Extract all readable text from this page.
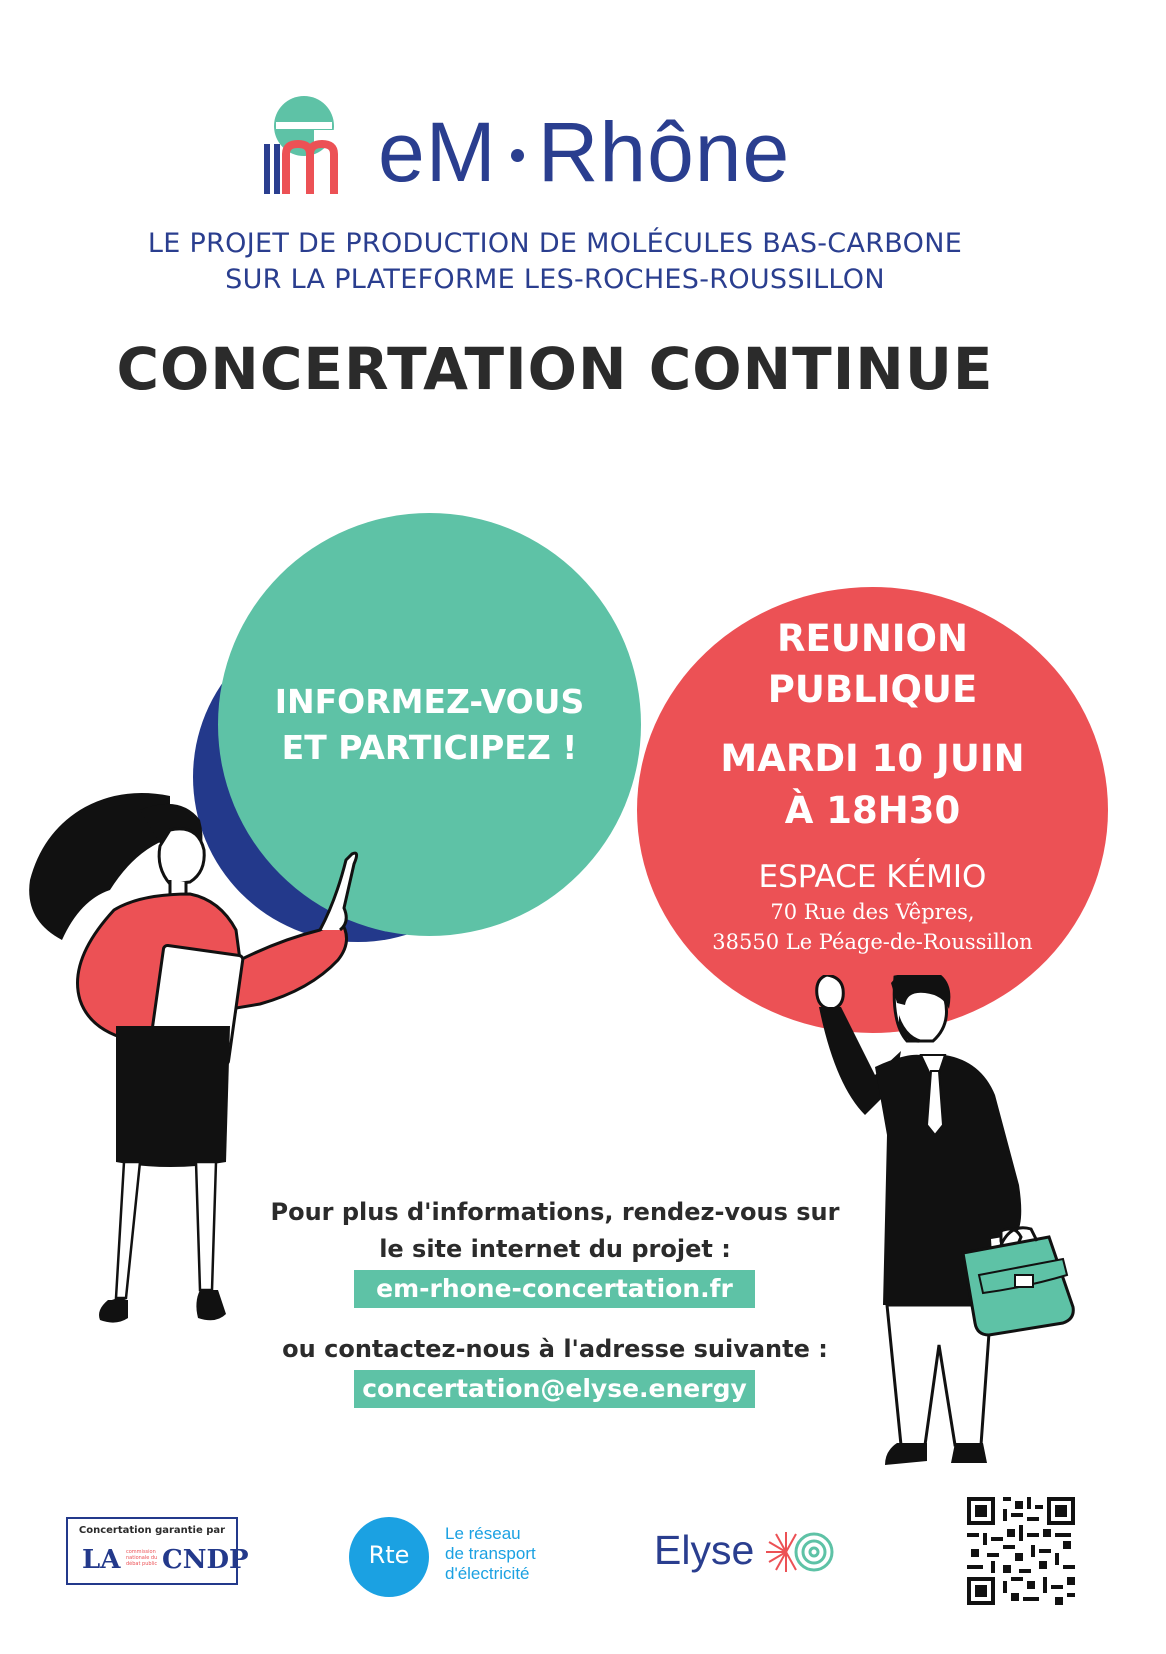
eM Rhône
LE PROJET DE PRODUCTION DE MOLÉCULES BAS-CARBONE
SUR LA PLATEFORME LES-ROCHES-ROUSSILLON
CONCERTATION CONTINUE
INFORMEZ-VOUS
ET PARTICIPEZ !
REUNION
PUBLIQUE
MARDI 10 JUIN
À 18H30
ESPACE KÉMIO
70 Rue des Vêpres,
38550 Le Péage-de-Roussillon
Pour plus d'informations, rendez-vous sur
le site internet du projet :
em-rhone-concertation.fr
ou contactez-nous à l'adresse suivante :
concertation@elyse.energy
Concertation garantie par
LA commission nationale du débat public CNDP	Rte
Le réseau
de transport
d'électricité
Elyse
